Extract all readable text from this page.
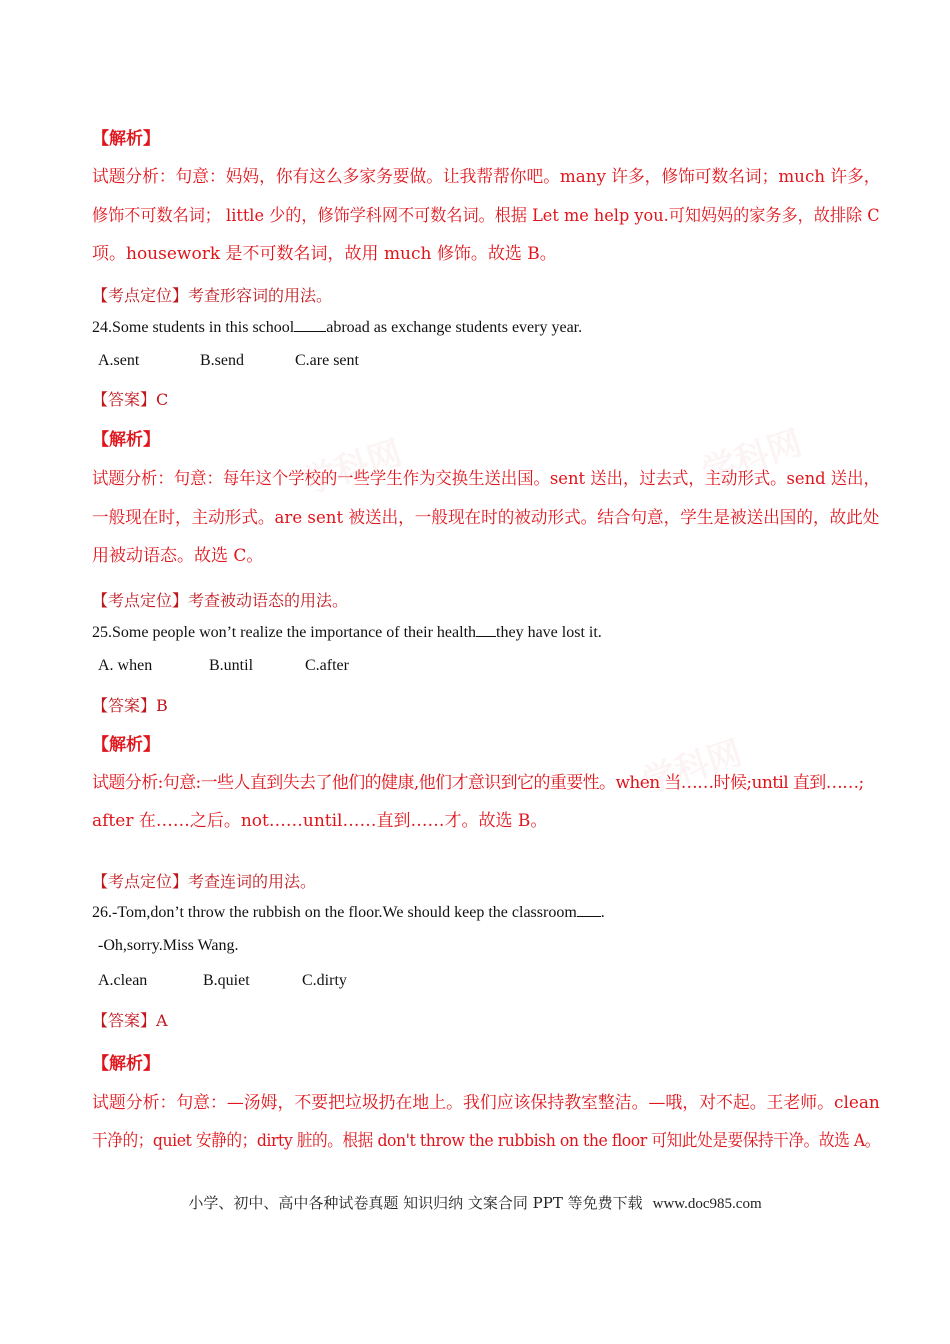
学科网	学科网
学科网
【解析】
试题分析：句意：妈妈，你有这么多家务要做。让我帮帮你吧。many 许多，修饰可数名词；much 许多，
修饰不可数名词； little 少的，修饰学科网不可数名词。根据 Let me help you.可知妈妈的家务多，故排除 C
项。housework 是不可数名词，故用 much 修饰。故选 B。
【考点定位】考查形容词的用法。
24.Some students in this school abroad as exchange students every year.
A.sent	B.send	C.are sent
【答案】C
【解析】
试题分析：句意：每年这个学校的一些学生作为交换生送出国。sent 送出，过去式，主动形式。send 送出，
一般现在时，主动形式。are sent 被送出，一般现在时的被动形式。结合句意，学生是被送出国的，故此处
用被动语态。故选 C。
【考点定位】考查被动语态的用法。
25.Some people won’t realize the importance of their health they have lost it.
A. when	B.until	C.after
【答案】B
【解析】
试题分析:句意:一些人直到失去了他们的健康,他们才意识到它的重要性。when 当……时候;until 直到……;
after 在……之后。not……until……直到……才。故选 B。
【考点定位】考查连词的用法。
26.-Tom,don’t throw the rubbish on the floor.We should keep the classroom .
-Oh,sorry.Miss Wang.
A.clean	B.quiet	C.dirty
【答案】A
【解析】
试题分析：句意：—汤姆，不要把垃圾扔在地上。我们应该保持教室整洁。—哦，对不起。王老师。clean
干净的；quiet 安静的；dirty 脏的。根据 don't throw the rubbish on the floor 可知此处是要保持干净。故选 A。
小学、初中、高中各种试卷真题 知识归纳 文案合同 PPT 等免费下载 www.doc985.com
